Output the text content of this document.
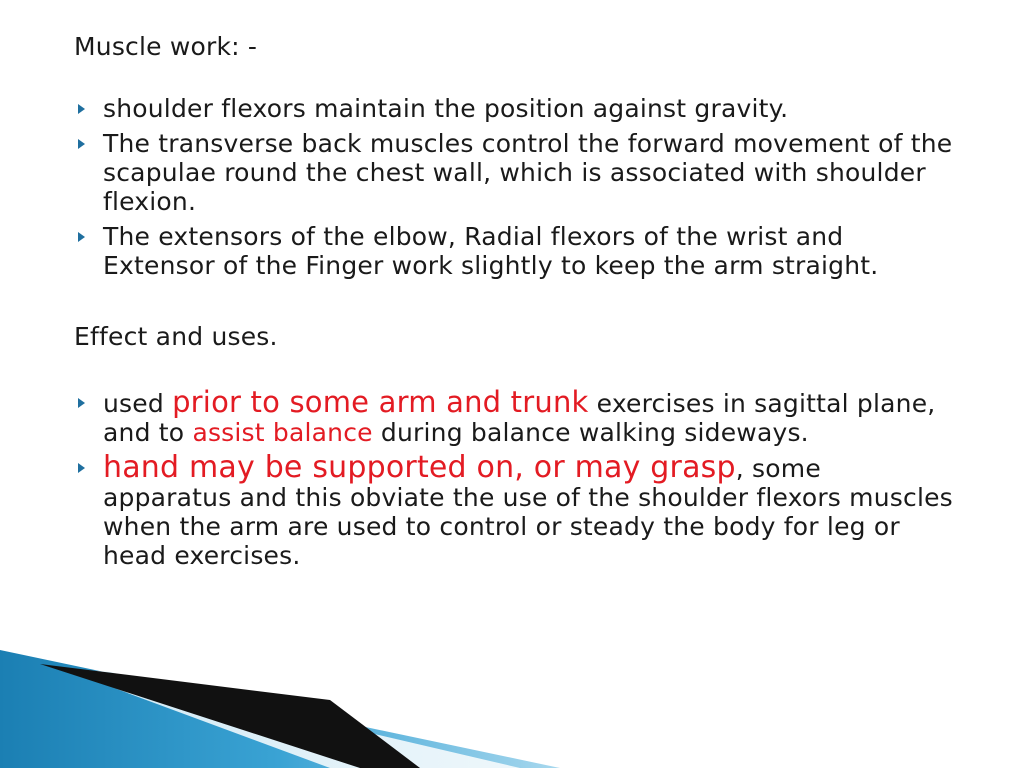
Muscle work: -

shoulder flexors maintain the position against gravity.
The transverse back muscles control the forward movement of the scapulae round the chest wall, which is associated with shoulder flexion.
The extensors of the elbow, Radial flexors of the wrist and Extensor of the Finger work slightly to keep the arm straight.

Effect and uses.

used prior to some arm and trunk exercises in sagittal plane, and to assist balance during balance walking sideways.
hand may be supported on, or may grasp, some apparatus and this obviate the use of the shoulder flexors muscles when the arm are used to control or steady the body for leg or head exercises.
